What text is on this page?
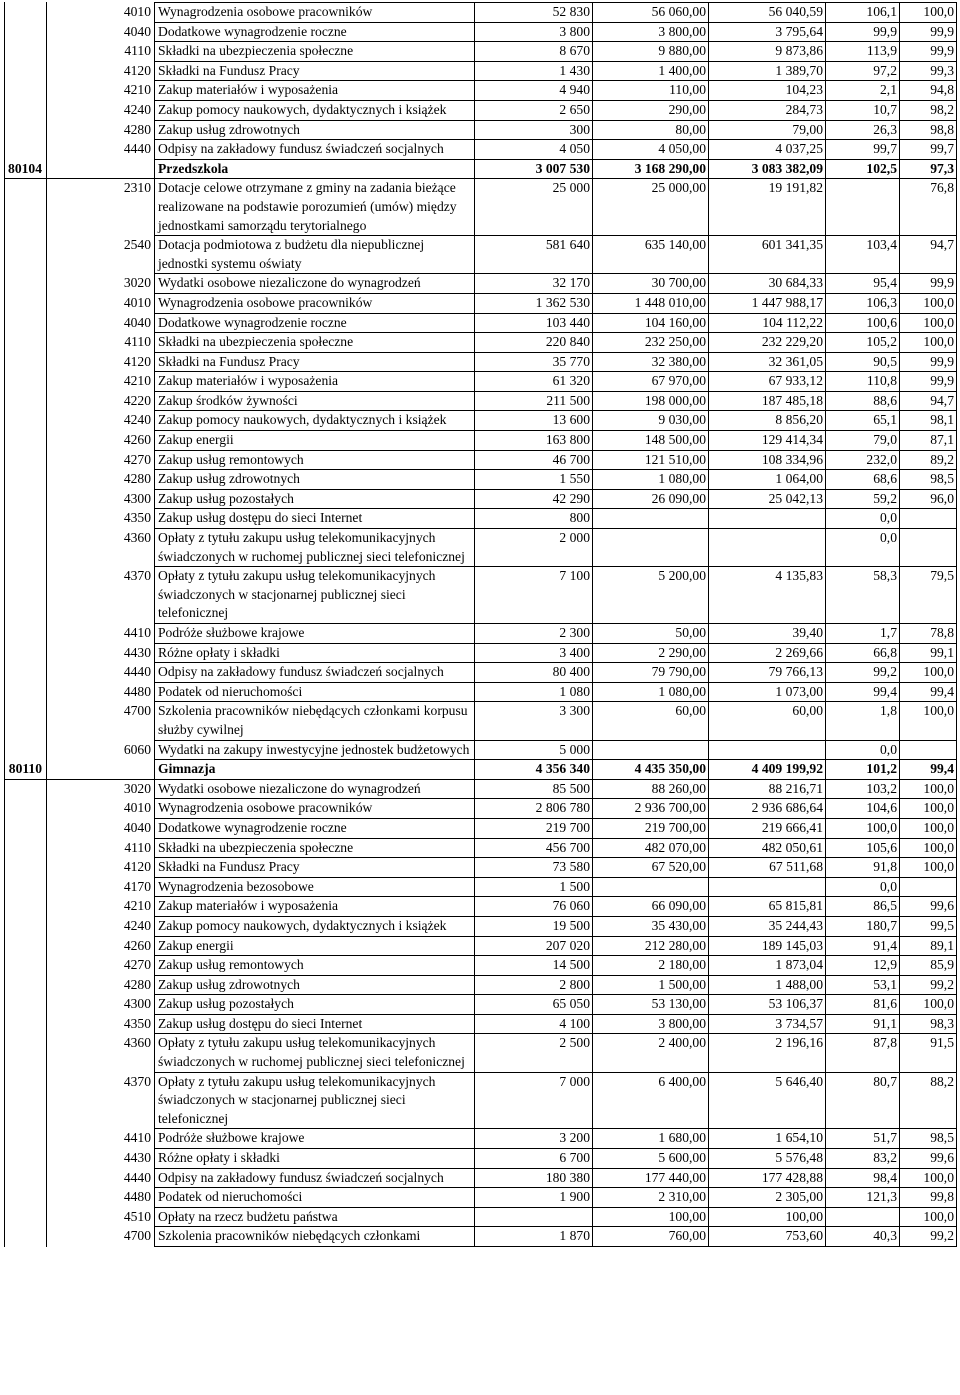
	4010	Wynagrodzenia osobowe pracowników	52 830	56 060,00	56 040,59	106,1	100,0
	4040	Dodatkowe wynagrodzenie roczne	3 800	3 800,00	3 795,64	99,9	99,9
	4110	Składki na ubezpieczenia społeczne	8 670	9 880,00	9 873,86	113,9	99,9
	4120	Składki na Fundusz Pracy	1 430	1 400,00	1 389,70	97,2	99,3
	4210	Zakup materiałów i wyposażenia	4 940	110,00	104,23	2,1	94,8
	4240	Zakup pomocy naukowych, dydaktycznych i książek	2 650	290,00	284,73	10,7	98,2
	4280	Zakup usług zdrowotnych	300	80,00	79,00	26,3	98,8
	4440	Odpisy na zakładowy fundusz świadczeń socjalnych	4 050	4 050,00	4 037,25	99,7	99,7
80104		Przedszkola	3 007 530	3 168 290,00	3 083 382,09	102,5	97,3
	2310	Dotacje celowe otrzymane z gminy na zadania bieżące realizowane na podstawie porozumień (umów) między jednostkami samorządu terytorialnego	25 000	25 000,00	19 191,82		76,8
	2540	Dotacja podmiotowa z budżetu dla niepublicznej jednostki systemu oświaty	581 640	635 140,00	601 341,35	103,4	94,7
	3020	Wydatki osobowe niezaliczone do wynagrodzeń	32 170	30 700,00	30 684,33	95,4	99,9
	4010	Wynagrodzenia osobowe pracowników	1 362 530	1 448 010,00	1 447 988,17	106,3	100,0
	4040	Dodatkowe wynagrodzenie roczne	103 440	104 160,00	104 112,22	100,6	100,0
	4110	Składki na ubezpieczenia społeczne	220 840	232 250,00	232 229,20	105,2	100,0
	4120	Składki na Fundusz Pracy	35 770	32 380,00	32 361,05	90,5	99,9
	4210	Zakup materiałów i wyposażenia	61 320	67 970,00	67 933,12	110,8	99,9
	4220	Zakup środków żywności	211 500	198 000,00	187 485,18	88,6	94,7
	4240	Zakup pomocy naukowych, dydaktycznych i książek	13 600	9 030,00	8 856,20	65,1	98,1
	4260	Zakup energii	163 800	148 500,00	129 414,34	79,0	87,1
	4270	Zakup usług remontowych	46 700	121 510,00	108 334,96	232,0	89,2
	4280	Zakup usług zdrowotnych	1 550	1 080,00	1 064,00	68,6	98,5
	4300	Zakup usług pozostałych	42 290	26 090,00	25 042,13	59,2	96,0
	4350	Zakup usług dostępu do sieci Internet	800			0,0	
	4360	Opłaty z tytułu zakupu usług telekomunikacyjnych świadczonych w ruchomej publicznej sieci telefonicznej	2 000			0,0	
	4370	Opłaty z tytułu zakupu usług telekomunikacyjnych świadczonych w stacjonarnej publicznej sieci telefonicznej	7 100	5 200,00	4 135,83	58,3	79,5
	4410	Podróże służbowe krajowe	2 300	50,00	39,40	1,7	78,8
	4430	Różne opłaty i składki	3 400	2 290,00	2 269,66	66,8	99,1
	4440	Odpisy na zakładowy fundusz świadczeń socjalnych	80 400	79 790,00	79 766,13	99,2	100,0
	4480	Podatek od nieruchomości	1 080	1 080,00	1 073,00	99,4	99,4
	4700	Szkolenia pracowników niebędących członkami korpusu służby cywilnej	3 300	60,00	60,00	1,8	100,0
	6060	Wydatki na zakupy inwestycyjne jednostek budżetowych	5 000			0,0	
80110		Gimnazja	4 356 340	4 435 350,00	4 409 199,92	101,2	99,4
	3020	Wydatki osobowe niezaliczone do wynagrodzeń	85 500	88 260,00	88 216,71	103,2	100,0
	4010	Wynagrodzenia osobowe pracowników	2 806 780	2 936 700,00	2 936 686,64	104,6	100,0
	4040	Dodatkowe wynagrodzenie roczne	219 700	219 700,00	219 666,41	100,0	100,0
	4110	Składki na ubezpieczenia społeczne	456 700	482 070,00	482 050,61	105,6	100,0
	4120	Składki na Fundusz Pracy	73 580	67 520,00	67 511,68	91,8	100,0
	4170	Wynagrodzenia bezosobowe	1 500			0,0	
	4210	Zakup materiałów i wyposażenia	76 060	66 090,00	65 815,81	86,5	99,6
	4240	Zakup pomocy naukowych, dydaktycznych i książek	19 500	35 430,00	35 244,43	180,7	99,5
	4260	Zakup energii	207 020	212 280,00	189 145,03	91,4	89,1
	4270	Zakup usług remontowych	14 500	2 180,00	1 873,04	12,9	85,9
	4280	Zakup usług zdrowotnych	2 800	1 500,00	1 488,00	53,1	99,2
	4300	Zakup usług pozostałych	65 050	53 130,00	53 106,37	81,6	100,0
	4350	Zakup usług dostępu do sieci Internet	4 100	3 800,00	3 734,57	91,1	98,3
	4360	Opłaty z tytułu zakupu usług telekomunikacyjnych świadczonych w ruchomej publicznej sieci telefonicznej	2 500	2 400,00	2 196,16	87,8	91,5
	4370	Opłaty z tytułu zakupu usług telekomunikacyjnych świadczonych w stacjonarnej publicznej sieci telefonicznej	7 000	6 400,00	5 646,40	80,7	88,2
	4410	Podróże służbowe krajowe	3 200	1 680,00	1 654,10	51,7	98,5
	4430	Różne opłaty i składki	6 700	5 600,00	5 576,48	83,2	99,6
	4440	Odpisy na zakładowy fundusz świadczeń socjalnych	180 380	177 440,00	177 428,88	98,4	100,0
	4480	Podatek od nieruchomości	1 900	2 310,00	2 305,00	121,3	99,8
	4510	Opłaty na rzecz budżetu państwa		100,00	100,00		100,0
	4700	Szkolenia pracowników niebędących członkami	1 870	760,00	753,60	40,3	99,2
